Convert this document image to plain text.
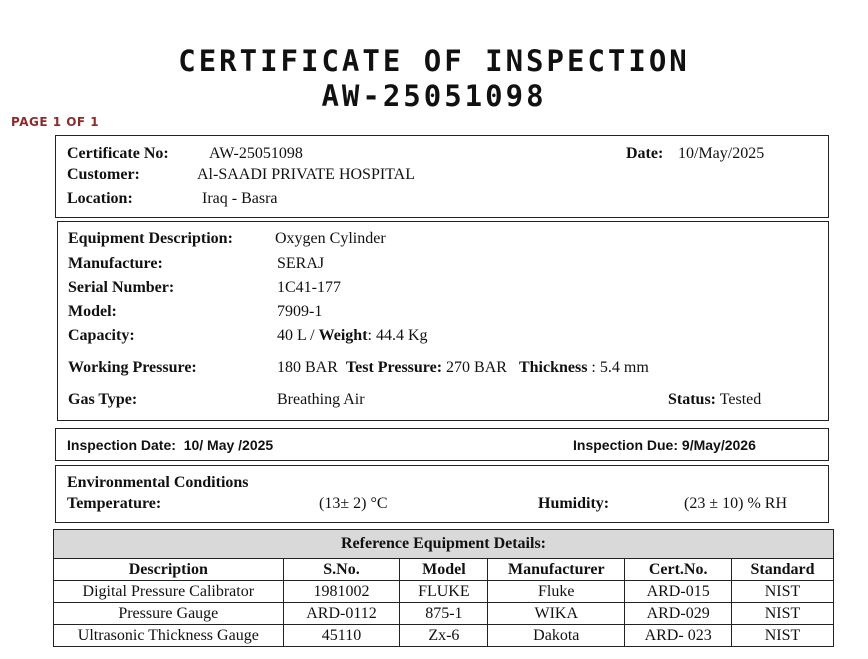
CERTIFICATE OF INSPECTION
AW-25051098
PAGE 1 OF 1
Certificate No:	AW-25051098	Date: 10/May/2025
Customer:	Al-SAADI PRIVATE HOSPITAL
Location:	Iraq - Basra
Equipment Description:	Oxygen Cylinder
Manufacture:	SERAJ
Serial Number:	1C41-177
Model:	7909-1
Capacity:	40 L / Weight: 44.4 Kg
Working Pressure:	180 BAR Test Pressure: 270 BAR Thickness : 5.4 mm
Gas Type:	Breathing Air	Status: Tested
Inspection Date: 10/ May /2025	Inspection Due: 9/May/2026
Environmental Conditions
Temperature:	(13± 2) °C	Humidity:	(23 ± 10) % RH
Reference Equipment Details:					
Description	S.No.	Model	Manufacturer	Cert.No.	Standard
Digital Pressure Calibrator	1981002	FLUKE	Fluke	ARD-015	NIST
Pressure Gauge	ARD-0112	875-1	WIKA	ARD-029	NIST
Ultrasonic Thickness Gauge	45110	Zx-6	Dakota	ARD- 023	NIST
